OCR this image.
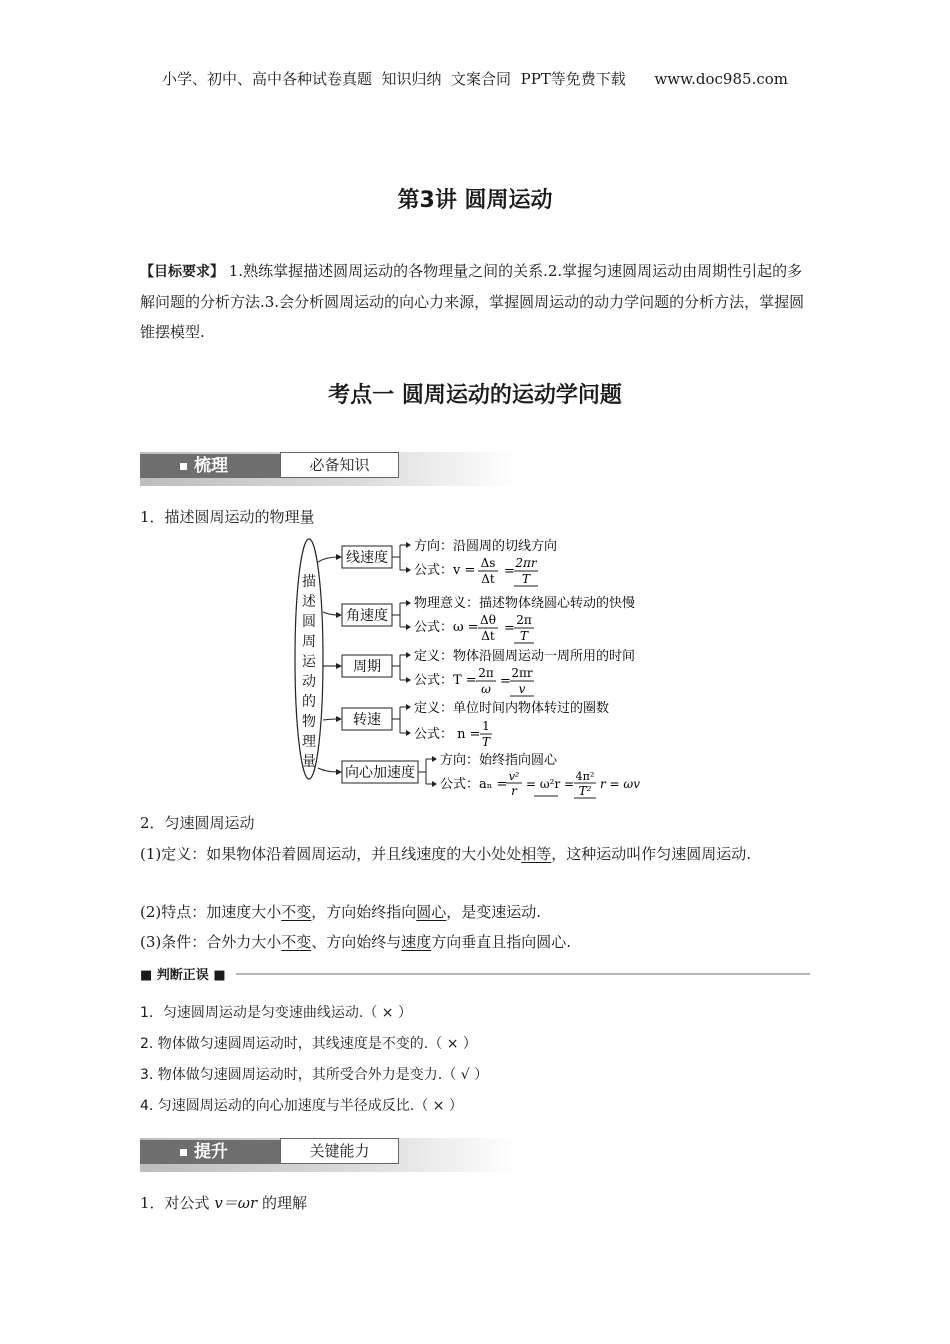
小学、初中、高中各种试卷真题  知识归纳  文案合同  PPT等免费下载      www.doc985.com
第3讲 圆周运动
【目标要求】 1.熟练掌握描述圆周运动的各物理量之间的关系.2.掌握匀速圆周运动由周期性引起的多解问题的分析方法.3.会分析圆周运动的向心力来源，掌握圆周运动的动力学问题的分析方法，掌握圆锥摆模型.
考点一 圆周运动的运动学问题
梳理	必备知识
1．描述圆周运动的物理量
描
述
圆
周
运
动
的
物
理
量
线速度
方向：沿圆周的切线方向
公式：v = Δs
Δt =
2πr
T
角速度
物理意义：描述物体绕圆心转动的快慢
公式：ω = Δθ
Δt =
2π
T
周期
定义：物体沿圆周运动一周所用的时间
公式：T = 2π
ω =
2πr
v
转速
定义：单位时间内物体转过的圈数
公式： n =
1
T
向心加速度
方向：始终指向圆心
公式：aₙ =
v²
r = ω²r =
4π²
T² r = ωv
2．匀速圆周运动
(1)定义：如果物体沿着圆周运动，并且线速度的大小处处相等，这种运动叫作匀速圆周运动.
(2)特点：加速度大小不变，方向始终指向圆心，是变速运动.
(3)条件：合外力大小不变、方向始终与速度方向垂直且指向圆心.
■ 判断正误 ■
1．匀速圆周运动是匀变速曲线运动.（ × ）
2. 物体做匀速圆周运动时，其线速度是不变的.（ × ）
3. 物体做匀速圆周运动时，其所受合外力是变力.（ √ ）
4. 匀速圆周运动的向心加速度与半径成反比.（ × ）
提升	关键能力
1．对公式 v＝ωr 的理解
